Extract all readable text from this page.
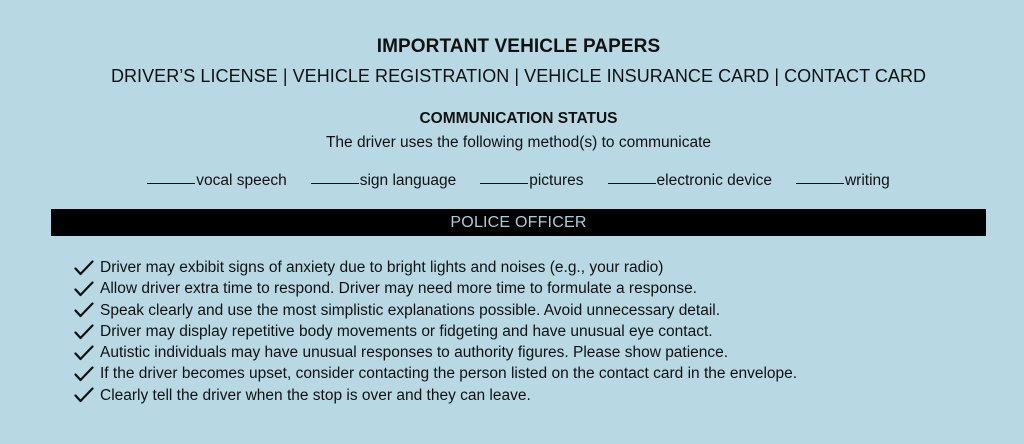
IMPORTANT VEHICLE PAPERS
DRIVER’S LICENSE | VEHICLE REGISTRATION | VEHICLE INSURANCE CARD | CONTACT CARD
COMMUNICATION STATUS
The driver uses the following method(s) to communicate
vocal speech	sign language	pictures	electronic device	writing
POLICE OFFICER
Driver may exbibit signs of anxiety due to bright lights and noises (e.g., your radio)
Allow driver extra time to respond. Driver may need more time to formulate a response.
Speak clearly and use the most simplistic explanations possible. Avoid unnecessary detail.
Driver may display repetitive body movements or fidgeting and have unusual eye contact.
Autistic individuals may have unusual responses to authority figures. Please show patience.
If the driver becomes upset, consider contacting the person listed on the contact card in the envelope.
Clearly tell the driver when the stop is over and they can leave.
